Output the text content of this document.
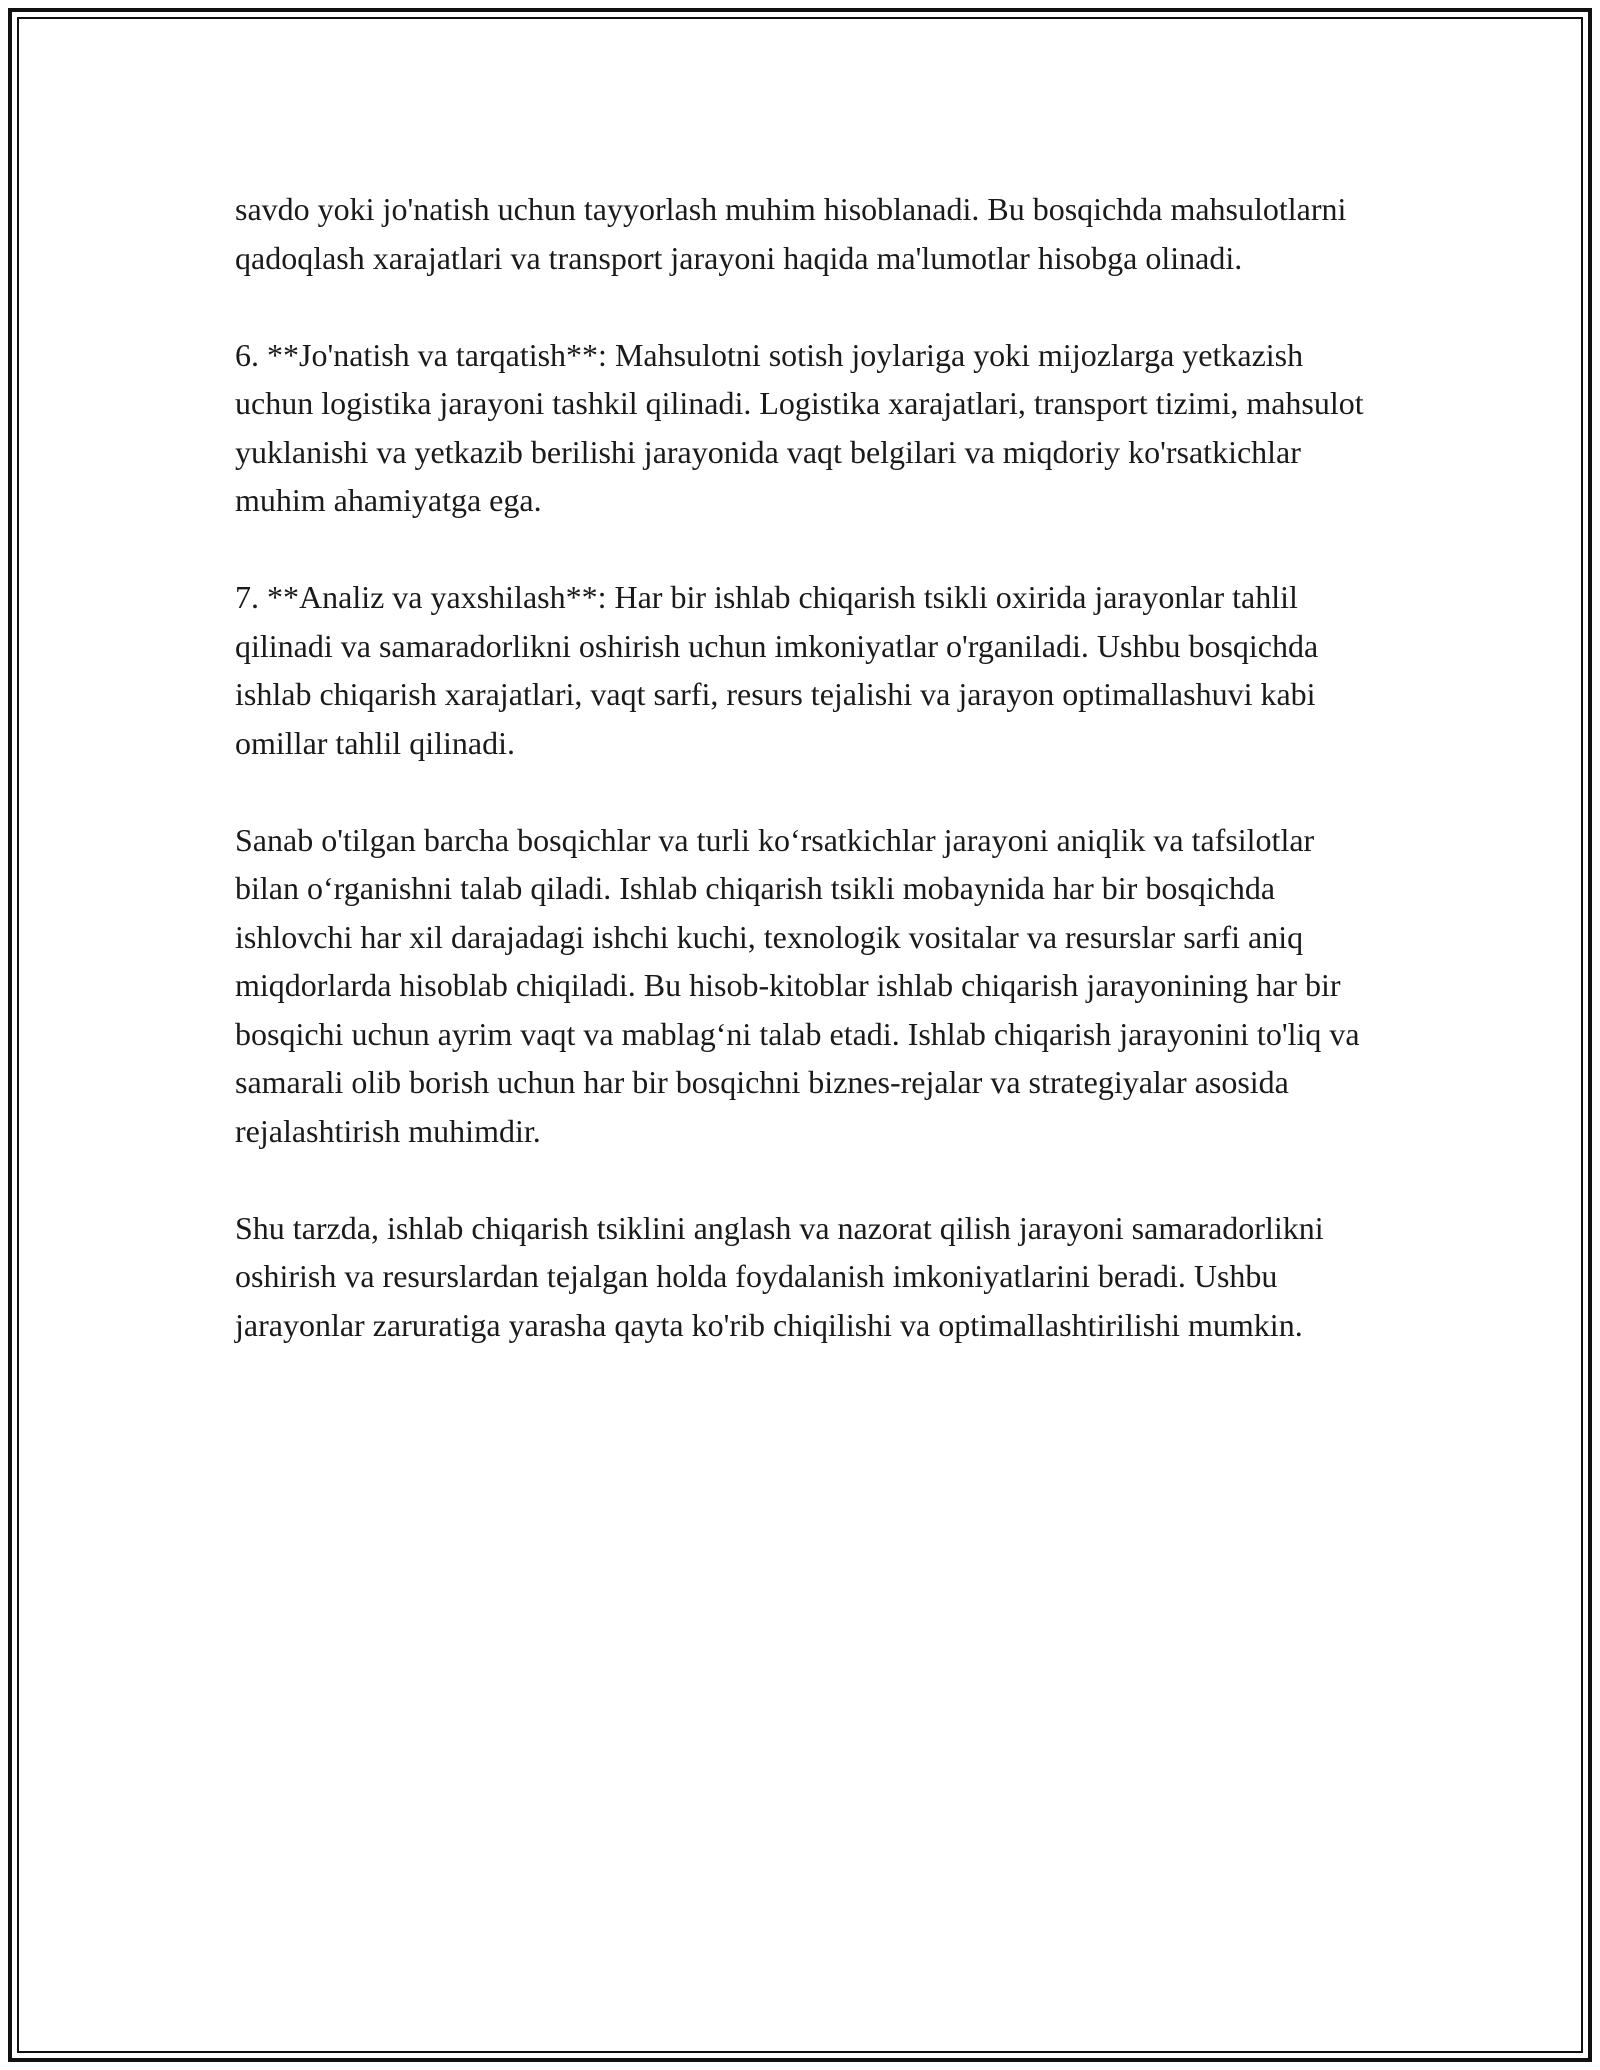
savdo yoki jo'natish uchun tayyorlash muhim hisoblanadi. Bu bosqichda mahsulotlarni qadoqlash xarajatlari va transport jarayoni haqida ma'lumotlar hisobga olinadi.

6. **Jo'natish va tarqatish**: Mahsulotni sotish joylariga yoki mijozlarga yetkazish uchun logistika jarayoni tashkil qilinadi. Logistika xarajatlari, transport tizimi, mahsulot yuklanishi va yetkazib berilishi jarayonida vaqt belgilari va miqdoriy ko'rsatkichlar muhim ahamiyatga ega.

7. **Analiz va yaxshilash**: Har bir ishlab chiqarish tsikli oxirida jarayonlar tahlil qilinadi va samaradorlikni oshirish uchun imkoniyatlar o'rganiladi. Ushbu bosqichda ishlab chiqarish xarajatlari, vaqt sarfi, resurs tejalishi va jarayon optimallashuvi kabi omillar tahlil qilinadi.

Sanab o'tilgan barcha bosqichlar va turli ko‘rsatkichlar jarayoni aniqlik va tafsilotlar bilan o‘rganishni talab qiladi. Ishlab chiqarish tsikli mobaynida har bir bosqichda ishlovchi har xil darajadagi ishchi kuchi, texnologik vositalar va resurslar sarfi aniq miqdorlarda hisoblab chiqiladi. Bu hisob-kitoblar ishlab chiqarish jarayonining har bir bosqichi uchun ayrim vaqt va mablag‘ni talab etadi. Ishlab chiqarish jarayonini to'liq va samarali olib borish uchun har bir bosqichni biznes-rejalar va strategiyalar asosida rejalashtirish muhimdir.

Shu tarzda, ishlab chiqarish tsiklini anglash va nazorat qilish jarayoni samaradorlikni oshirish va resurslardan tejalgan holda foydalanish imkoniyatlarini beradi. Ushbu jarayonlar zaruratiga yarasha qayta ko'rib chiqilishi va optimallashtirilishi mumkin.
